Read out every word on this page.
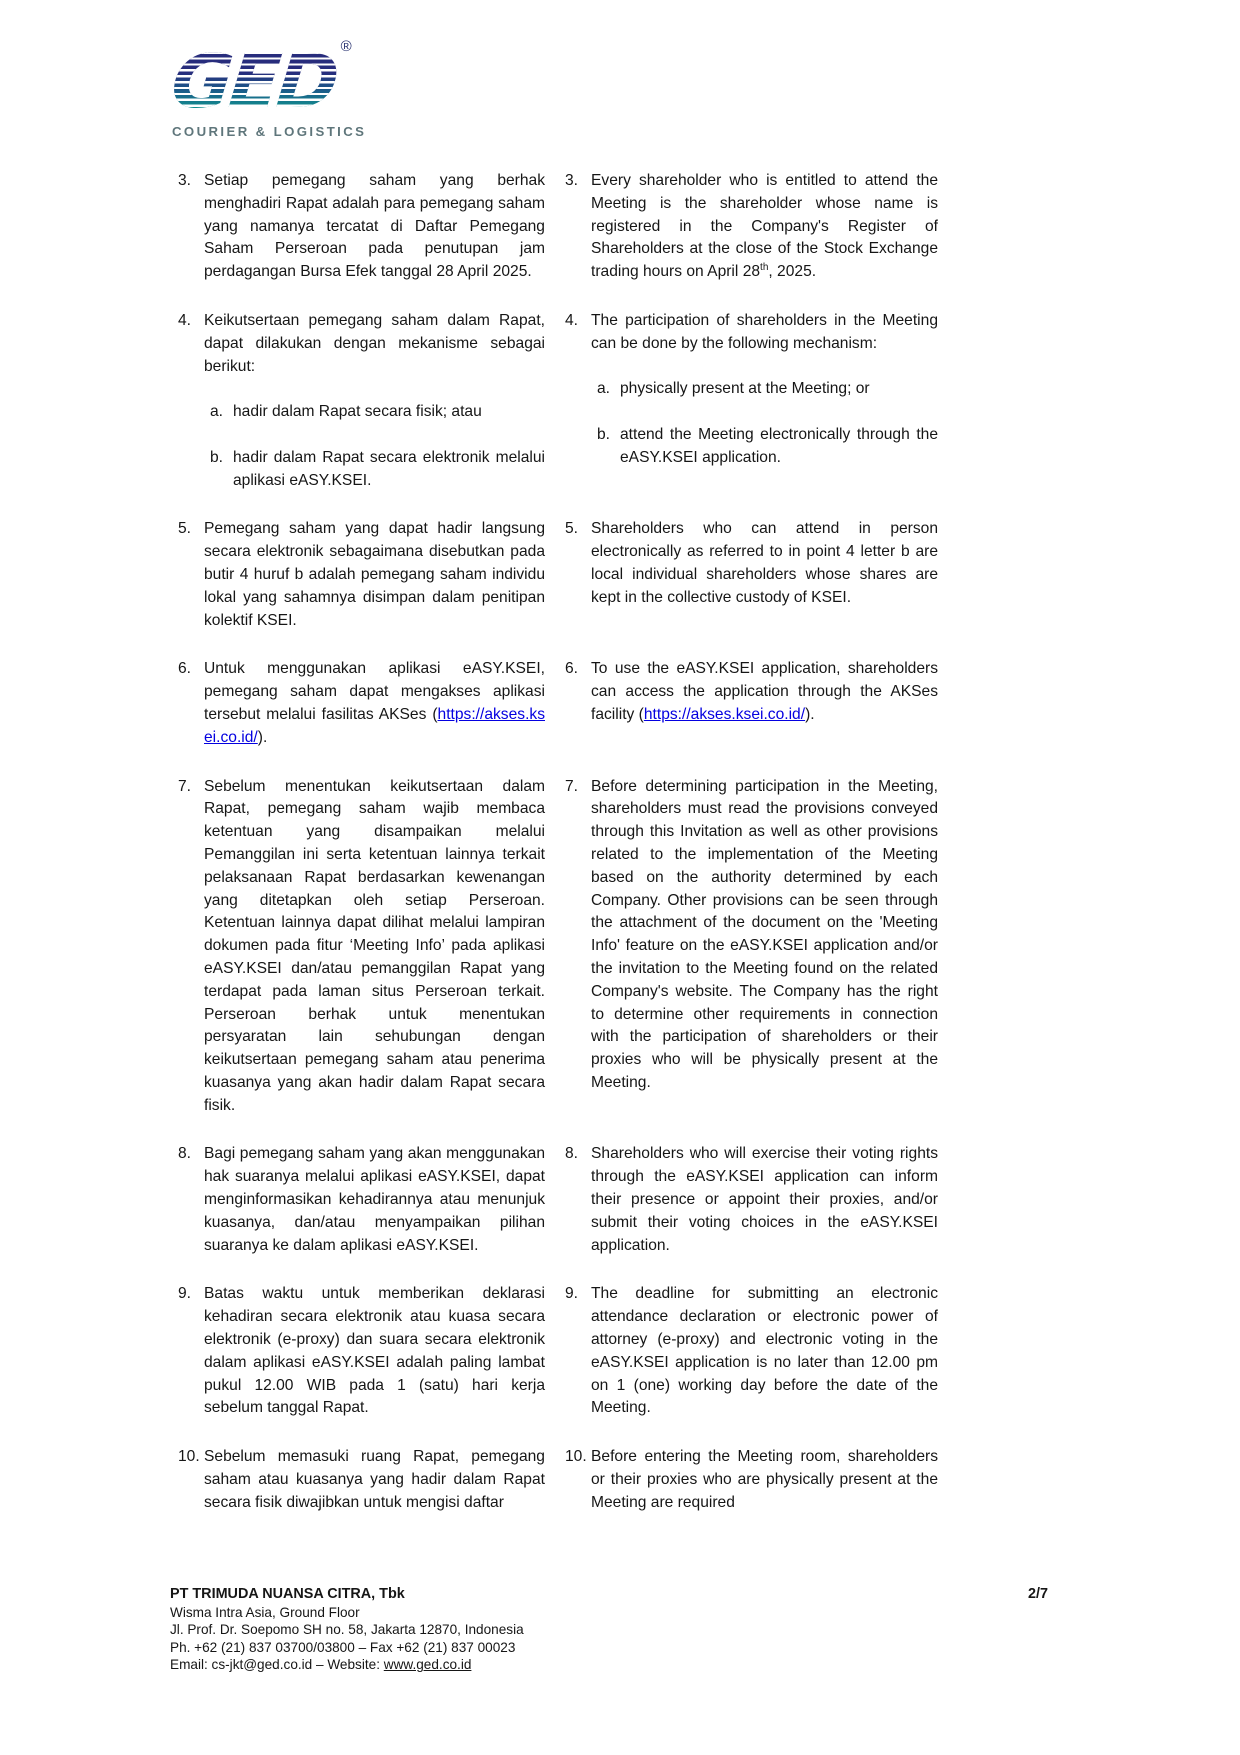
GED ®
COURIER & LOGISTICS
3. Setiap pemegang saham yang berhak menghadiri Rapat adalah para pemegang saham yang namanya tercatat di Daftar Pemegang Saham Perseroan pada penutupan jam perdagangan Bursa Efek tanggal 28 April 2025.

3. Every shareholder who is entitled to attend the Meeting is the shareholder whose name is registered in the Company's Register of Shareholders at the close of the Stock Exchange trading hours on April 28th, 2025.

4. Keikutsertaan pemegang saham dalam Rapat, dapat dilakukan dengan mekanisme sebagai berikut:

a. hadir dalam Rapat secara fisik; atau

b. hadir dalam Rapat secara elektronik melalui aplikasi eASY.KSEI.

4. The participation of shareholders in the Meeting can be done by the following mechanism:

a. physically present at the Meeting; or

b. attend the Meeting electronically through the eASY.KSEI application.

5. Pemegang saham yang dapat hadir langsung secara elektronik sebagaimana disebutkan pada butir 4 huruf b adalah pemegang saham individu lokal yang sahamnya disimpan dalam penitipan kolektif KSEI.

5. Shareholders who can attend in person electronically as referred to in point 4 letter b are local individual shareholders whose shares are kept in the collective custody of KSEI.

6. Untuk menggunakan aplikasi eASY.KSEI, pemegang saham dapat mengakses aplikasi tersebut melalui fasilitas AKSes (https://akses.ksei.co.id/).

6. To use the eASY.KSEI application, shareholders can access the application through the AKSes facility (https://akses.ksei.co.id/).

7. Sebelum menentukan keikutsertaan dalam Rapat, pemegang saham wajib membaca ketentuan yang disampaikan melalui Pemanggilan ini serta ketentuan lainnya terkait pelaksanaan Rapat berdasarkan kewenangan yang ditetapkan oleh setiap Perseroan. Ketentuan lainnya dapat dilihat melalui lampiran dokumen pada fitur ‘Meeting Info’ pada aplikasi eASY.KSEI dan/atau pemanggilan Rapat yang terdapat pada laman situs Perseroan terkait. Perseroan berhak untuk menentukan persyaratan lain sehubungan dengan keikutsertaan pemegang saham atau penerima kuasanya yang akan hadir dalam Rapat secara fisik.

7. Before determining participation in the Meeting, shareholders must read the provisions conveyed through this Invitation as well as other provisions related to the implementation of the Meeting based on the authority determined by each Company. Other provisions can be seen through the attachment of the document on the 'Meeting Info' feature on the eASY.KSEI application and/or the invitation to the Meeting found on the related Company's website. The Company has the right to determine other requirements in connection with the participation of shareholders or their proxies who will be physically present at the Meeting.

8. Bagi pemegang saham yang akan menggunakan hak suaranya melalui aplikasi eASY.KSEI, dapat menginformasikan kehadirannya atau menunjuk kuasanya, dan/atau menyampaikan pilihan suaranya ke dalam aplikasi eASY.KSEI.

8. Shareholders who will exercise their voting rights through the eASY.KSEI application can inform their presence or appoint their proxies, and/or submit their voting choices in the eASY.KSEI application.

9. Batas waktu untuk memberikan deklarasi kehadiran secara elektronik atau kuasa secara elektronik (e-proxy) dan suara secara elektronik dalam aplikasi eASY.KSEI adalah paling lambat pukul 12.00 WIB pada 1 (satu) hari kerja sebelum tanggal Rapat.

9. The deadline for submitting an electronic attendance declaration or electronic power of attorney (e-proxy) and electronic voting in the eASY.KSEI application is no later than 12.00 pm on 1 (one) working day before the date of the Meeting.

10. Sebelum memasuki ruang Rapat, pemegang saham atau kuasanya yang hadir dalam Rapat secara fisik diwajibkan untuk mengisi daftar

10. Before entering the Meeting room, shareholders or their proxies who are physically present at the Meeting are required

PT TRIMUDA NUANSA CITRA, Tbk	2/7
Wisma Intra Asia, Ground Floor
Jl. Prof. Dr. Soepomo SH no. 58, Jakarta 12870, Indonesia
Ph. +62 (21) 837 03700/03800 – Fax +62 (21) 837 00023
Email: cs-jkt@ged.co.id – Website: www.ged.co.id
